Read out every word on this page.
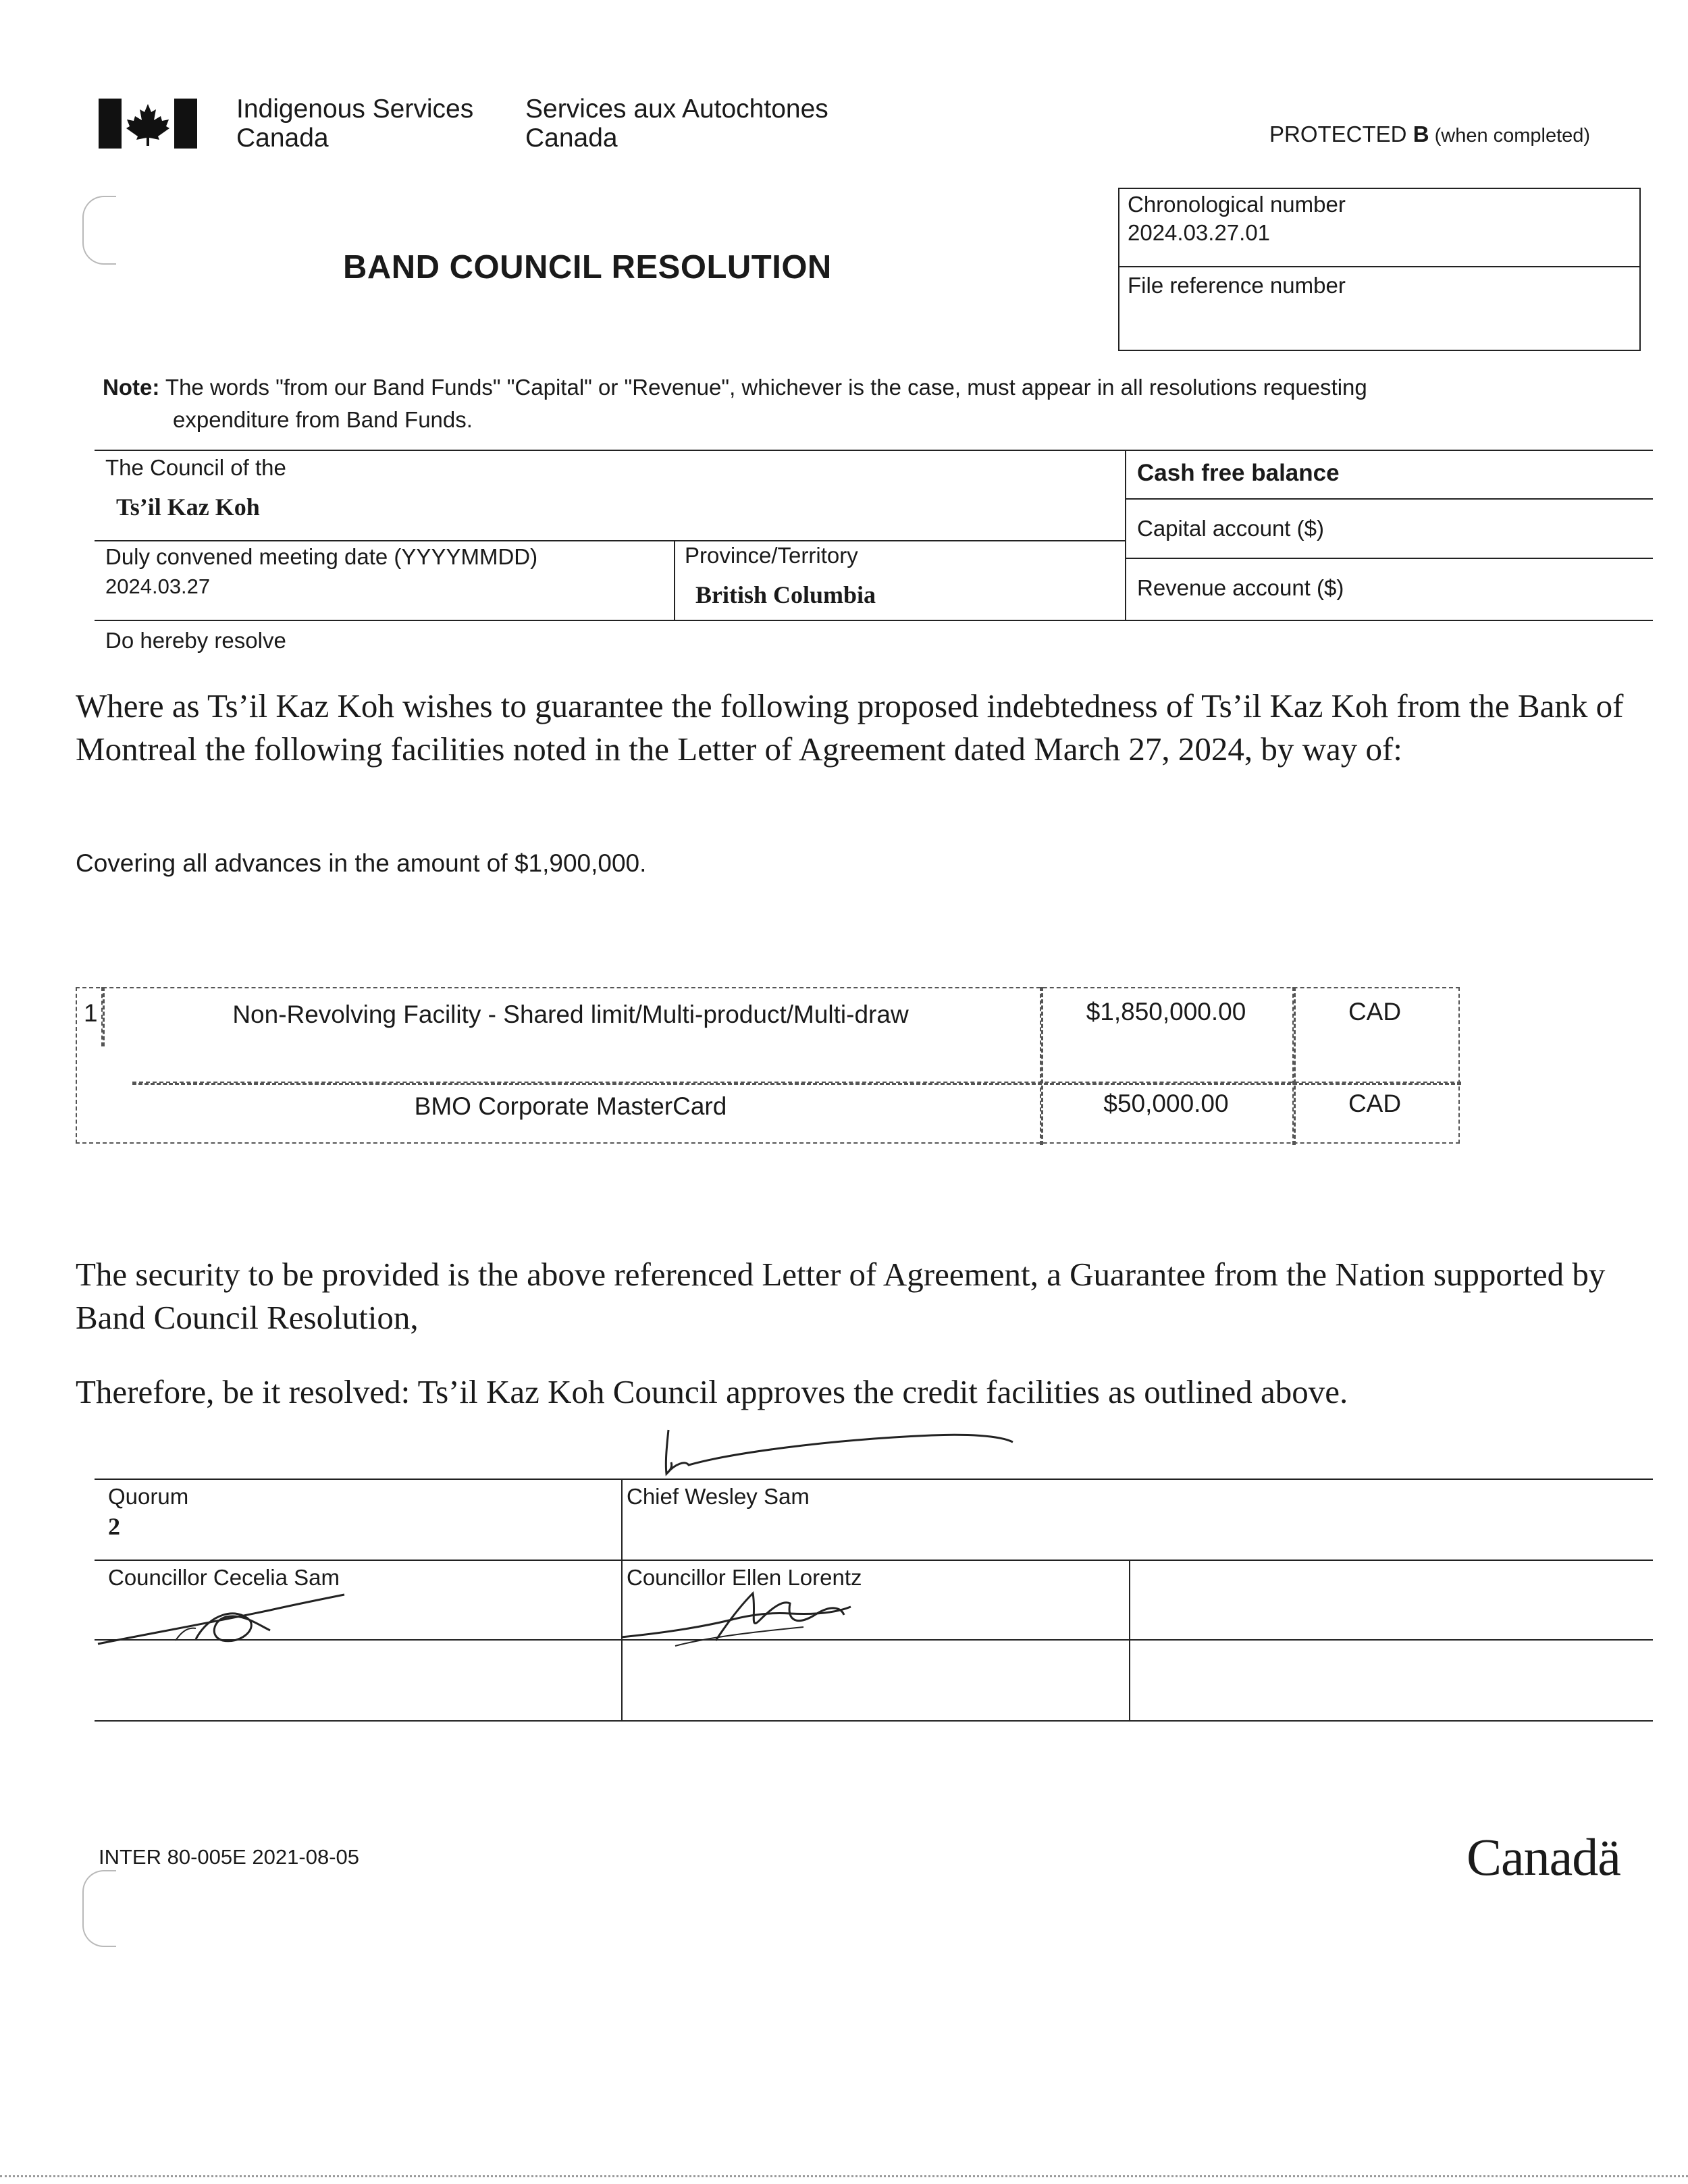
Indigenous Services
Canada
Services aux Autochtones
Canada	PROTECTED B (when completed)
BAND COUNCIL RESOLUTION
Chronological number
2024.03.27.01
File reference number
Note: The words "from our Band Funds" "Capital" or "Revenue", whichever is the case, must appear in all resolutions requesting
expenditure from Band Funds.
The Council of the
Ts’il Kaz Koh
Duly convened meeting date (YYYYMMDD)
2024.03.27
Province/Territory
British Columbia
Cash free balance
Capital account ($)
Revenue account ($)
Do hereby resolve
Where as Ts’il Kaz Koh wishes to guarantee the following proposed indebtedness of Ts’il Kaz Koh from the Bank of Montreal the following facilities noted in the Letter of Agreement dated March 27, 2024, by way of:
Covering all advances in the amount of $1,900,000.
1	Non-Revolving Facility - Shared limit/Multi-product/Multi-draw	$1,850,000.00	CAD
BMO Corporate MasterCard	$50,000.00	CAD
The security to be provided is the above referenced Letter of Agreement, a Guarantee from the Nation supported by Band Council Resolution,
Therefore, be it resolved: Ts’il Kaz Koh Council approves the credit facilities as outlined above.
Quorum
2
Chief Wesley Sam
Councillor Cecelia Sam	Councillor Ellen Lorentz
INTER 80-005E 2021-08-05	Canadä
